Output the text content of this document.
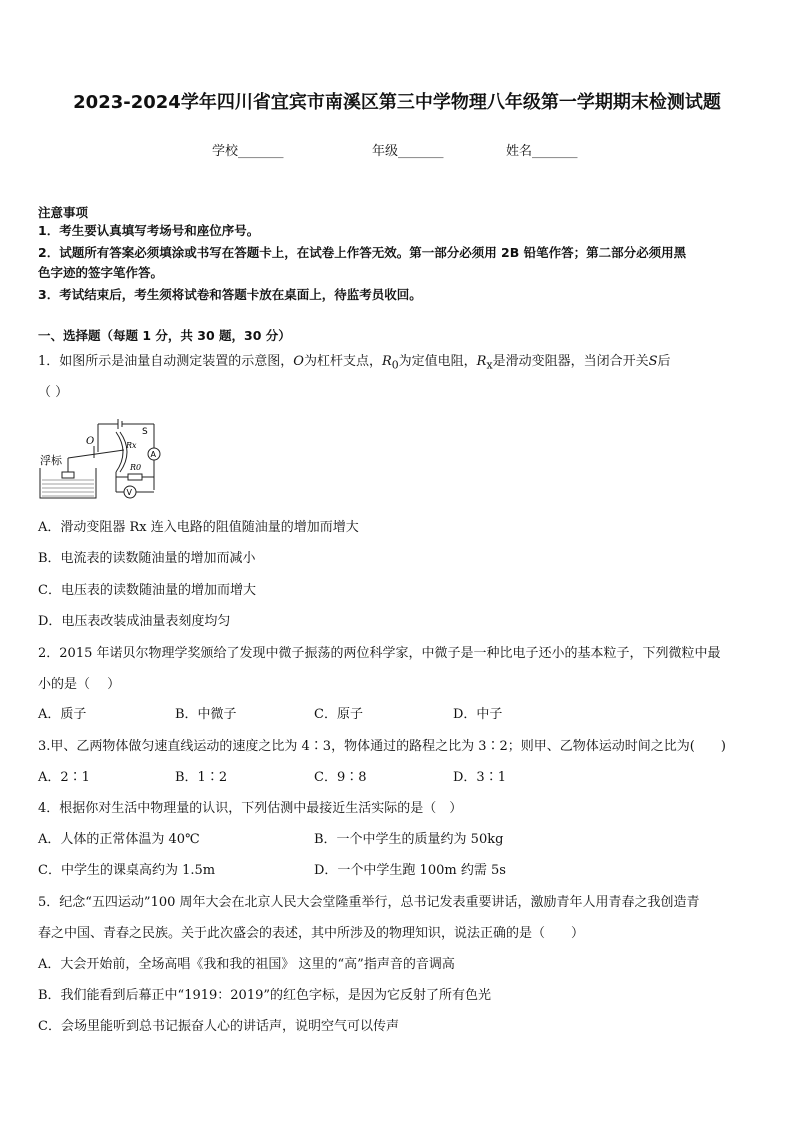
2023-2024学年四川省宜宾市南溪区第三中学物理八年级第一学期期末检测试题
学校_______	年级_______	姓名_______
注意事项
1．考生要认真填写考场号和座位序号。
2．试题所有答案必须填涂或书写在答题卡上，在试卷上作答无效。第一部分必须用 2B 铅笔作答；第二部分必须用黑
色字迹的签字笔作答。
3．考试结束后，考生须将试卷和答题卡放在桌面上，待监考员收回。
一、选择题（每题 1 分，共 30 题，30 分）
1．如图所示是油量自动测定装置的示意图，O为杠杆支点，$R_0$为定值电阻，$R_x$是滑动变阻器，当闭合开关S后
（ ）
浮标
O
S
Rx
R0
A
V
A．滑动变阻器 Rx 连入电路的阻值随油量的增加而增大
B．电流表的读数随油量的增加而减小
C．电压表的读数随油量的增加而增大
D．电压表改装成油量表刻度均匀
2．2015 年诺贝尔物理学奖颁给了发现中微子振荡的两位科学家，中微子是一种比电子还小的基本粒子，下列微粒中最
小的是（　 ）
A．质子	B．中微子	C．原子	D．中子
3.甲、乙两物体做匀速直线运动的速度之比为 4∶3，物体通过的路程之比为 3∶2；则甲、乙物体运动时间之比为(　　)
A．2∶1	B．1∶2	C．9∶8	D．3∶1
4．根据你对生活中物理量的认识，下列估测中最接近生活实际的是（　）
A．人体的正常体温为 40℃	B．一个中学生的质量约为 50kg
C．中学生的课桌高约为 1.5m	D．一个中学生跑 100m 约需 5s
5．纪念“五四运动”100 周年大会在北京人民大会堂隆重举行，总书记发表重要讲话，激励青年人用青春之我创造青
春之中国、青春之民族。关于此次盛会的表述，其中所涉及的物理知识，说法正确的是（　　）
A．大会开始前，全场高唱《我和我的祖国》 这里的“高”指声音的音调高
B．我们能看到后幕正中“1919：2019”的红色字标，是因为它反射了所有色光
C．会场里能听到总书记振奋人心的讲话声，说明空气可以传声
